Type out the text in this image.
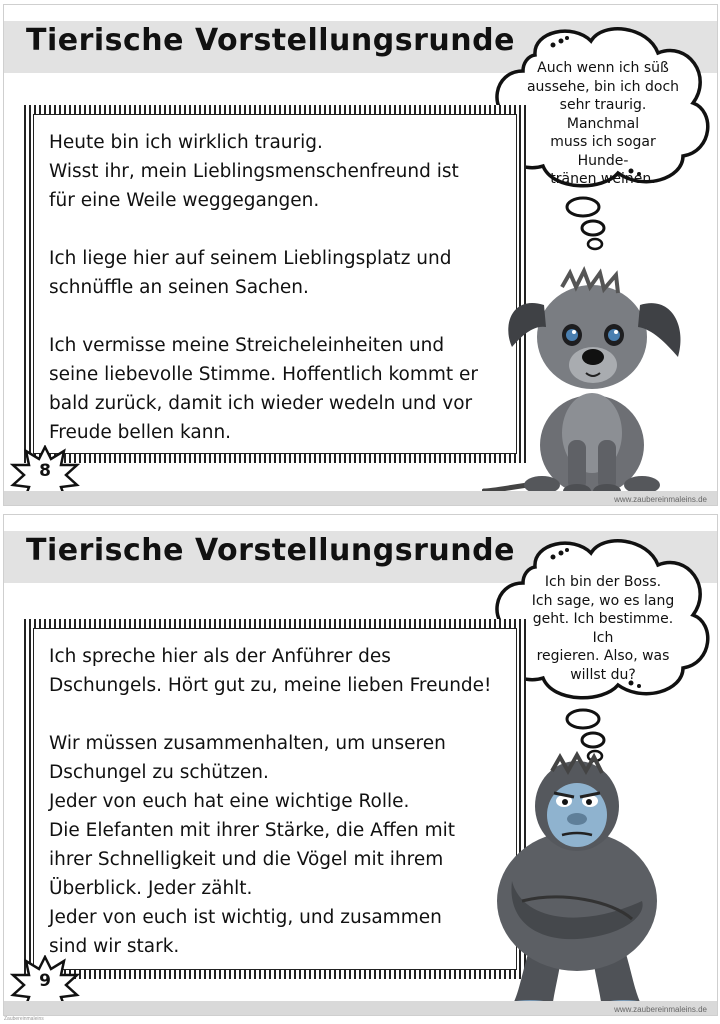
Tierische Vorstellungsrunde
Auch wenn ich süß
aussehe, bin ich doch
sehr traurig. Manchmal
muss ich sogar Hunde-
tränen weinen.

Heute bin ich wirklich traurig.
Wisst ihr, mein Lieblingsmenschenfreund ist
für eine Weile weggegangen.

Ich liege hier auf seinem Lieblingsplatz und
schnüffle an seinen Sachen.

Ich vermisse meine Streicheleinheiten und
seine liebevolle Stimme. Hoffentlich kommt er
bald zurück, damit ich wieder wedeln und vor
Freude bellen kann.

8
www.zaubereinmaleins.de
Tierische Vorstellungsrunde
Ich bin der Boss.
Ich sage, wo es lang
geht. Ich bestimme. Ich
regieren. Also, was
willst du?

Ich spreche hier als der Anführer des
Dschungels. Hört gut zu, meine lieben Freunde!

Wir müssen zusammenhalten, um unseren
Dschungel zu schützen.
Jeder von euch hat eine wichtige Rolle.
Die Elefanten mit ihrer Stärke, die Affen mit
ihrer Schnelligkeit und die Vögel mit ihrem
Überblick. Jeder zählt.
Jeder von euch ist wichtig, und zusammen
sind wir stark.

9
www.zaubereinmaleins.de
Zaubereinmaleins
